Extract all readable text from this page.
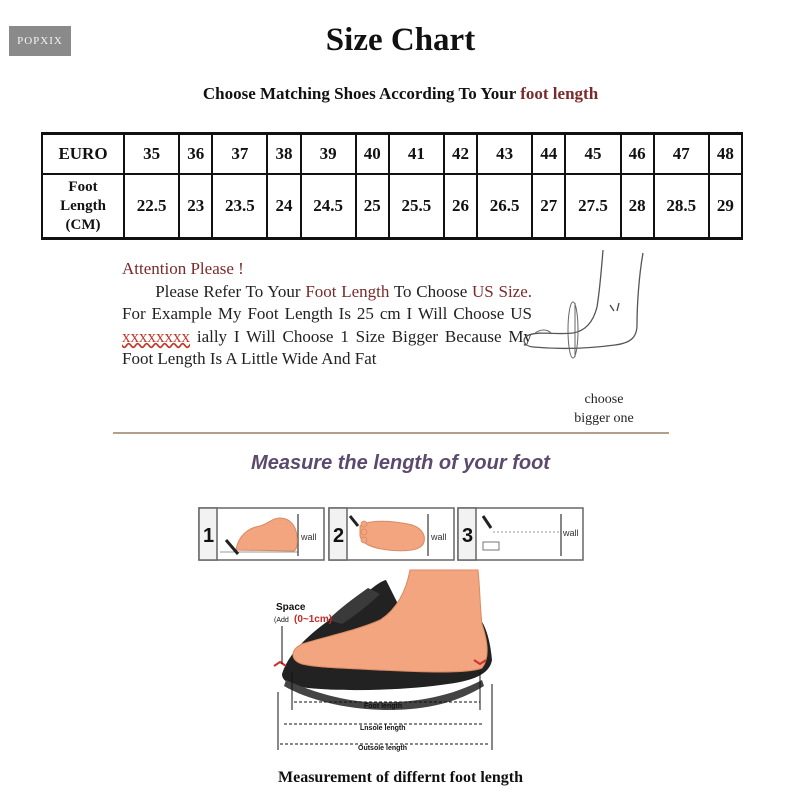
POPXIX	Size Chart
Choose Matching Shoes According To Your foot length
EURO	35	36	37	38	39	40	41	42	43	44	45	46	47	48
Foot
Length
(CM)	22.5	23	23.5	24	24.5	25	25.5	26	26.5	27	27.5	28	28.5	29
Attention Please !

Please Refer To Your Foot Length To Choose US Size. For Example My Foot Length Is 25 cm I Will Choose US xxxxxxxx ially I Will Choose 1 Size Bigger Because My Foot Length Is A Little Wide And Fat

choose
bigger one
Measure the length of your foot
1	wall 2	wall 3	wall
Space
(Add (0~1cm)
Foot length
Lnsole length
Outsole length
Measurement of differnt foot length
